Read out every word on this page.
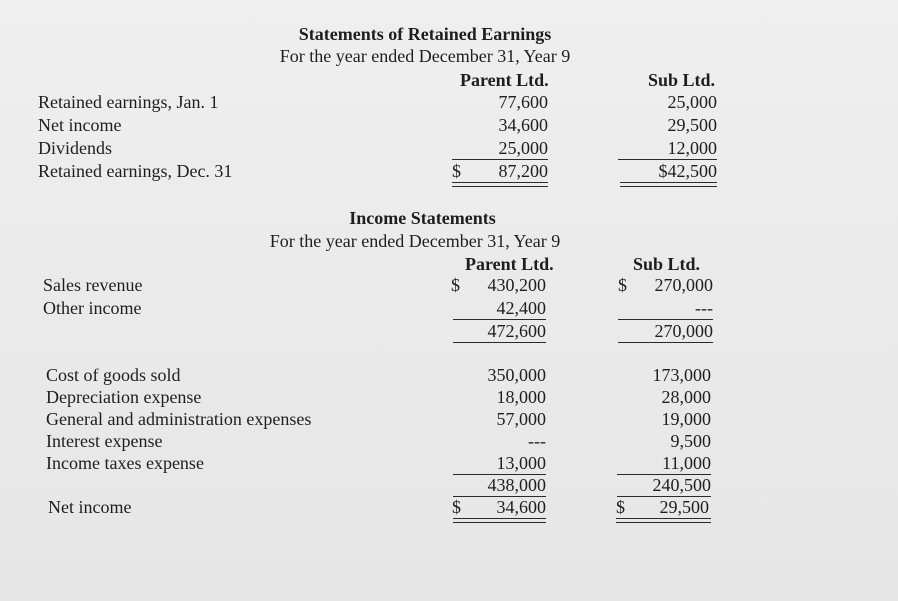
Statements of Retained Earnings
For the year ended December 31, Year 9
Parent Ltd.	Sub Ltd.
Retained earnings, Jan. 1	77,600	25,000
Net income	34,600	29,500
Dividends	25,000	12,000
Retained earnings, Dec. 31	$	87,200	$42,500
Income Statements
For the year ended December 31, Year 9
Parent Ltd.	Sub Ltd.
Sales revenue	$	430,200	$	270,000
Other income	42,400	---
472,600	270,000
Cost of goods sold	350,000	173,000
Depreciation expense	18,000	28,000
General and administration expenses	57,000	19,000
Interest expense	---	9,500
Income taxes expense	13,000	11,000
438,000	240,500
Net income	$	34,600	$	29,500
